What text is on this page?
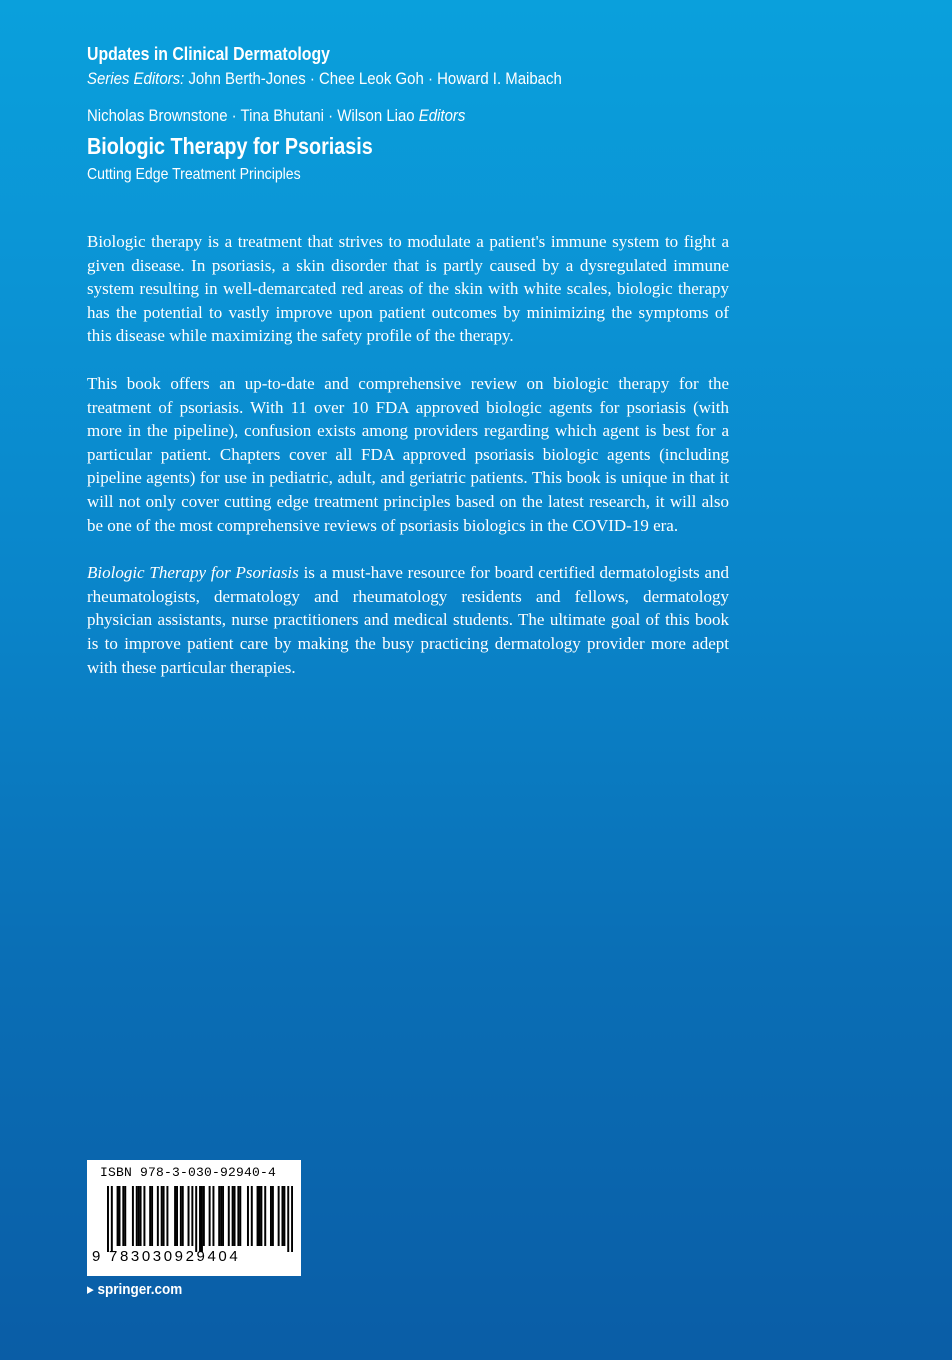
Updates in Clinical Dermatology
Series Editors: John Berth-Jones · Chee Leok Goh · Howard I. Maibach
Nicholas Brownstone · Tina Bhutani · Wilson Liao Editors
Biologic Therapy for Psoriasis
Cutting Edge Treatment Principles

Biologic therapy is a treatment that strives to modulate a patient's immune system to fight a given disease. In psoriasis, a skin disorder that is partly caused by a dysregulated immune system resulting in well-demarcated red areas of the skin with white scales, biologic therapy has the potential to vastly improve upon patient outcomes by minimizing the symptoms of this disease while maximizing the safety profile of the therapy.

This book offers an up-to-date and comprehensive review on biologic therapy for the treatment of psoriasis. With 11 over 10 FDA approved biologic agents for psoriasis (with more in the pipeline), confusion exists among providers regarding which agent is best for a particular patient. Chapters cover all FDA approved psoriasis biologic agents (including pipeline agents) for use in pediatric, adult, and geriatric patients. This book is unique in that it will not only cover cutting edge treatment principles based on the latest research, it will also be one of the most comprehensive reviews of psoriasis biologics in the COVID-19 era.

Biologic Therapy for Psoriasis is a must-have resource for board certified dermatologists and rheumatologists, dermatology and rheumatology residents and fellows, dermatology physician assistants, nurse practitioners and medical students. The ultimate goal of this book is to improve patient care by making the busy practicing dermatology provider more adept with these particular therapies.

ISBN 978-3-030-92940-4
9 783030929404
▸ springer.com
